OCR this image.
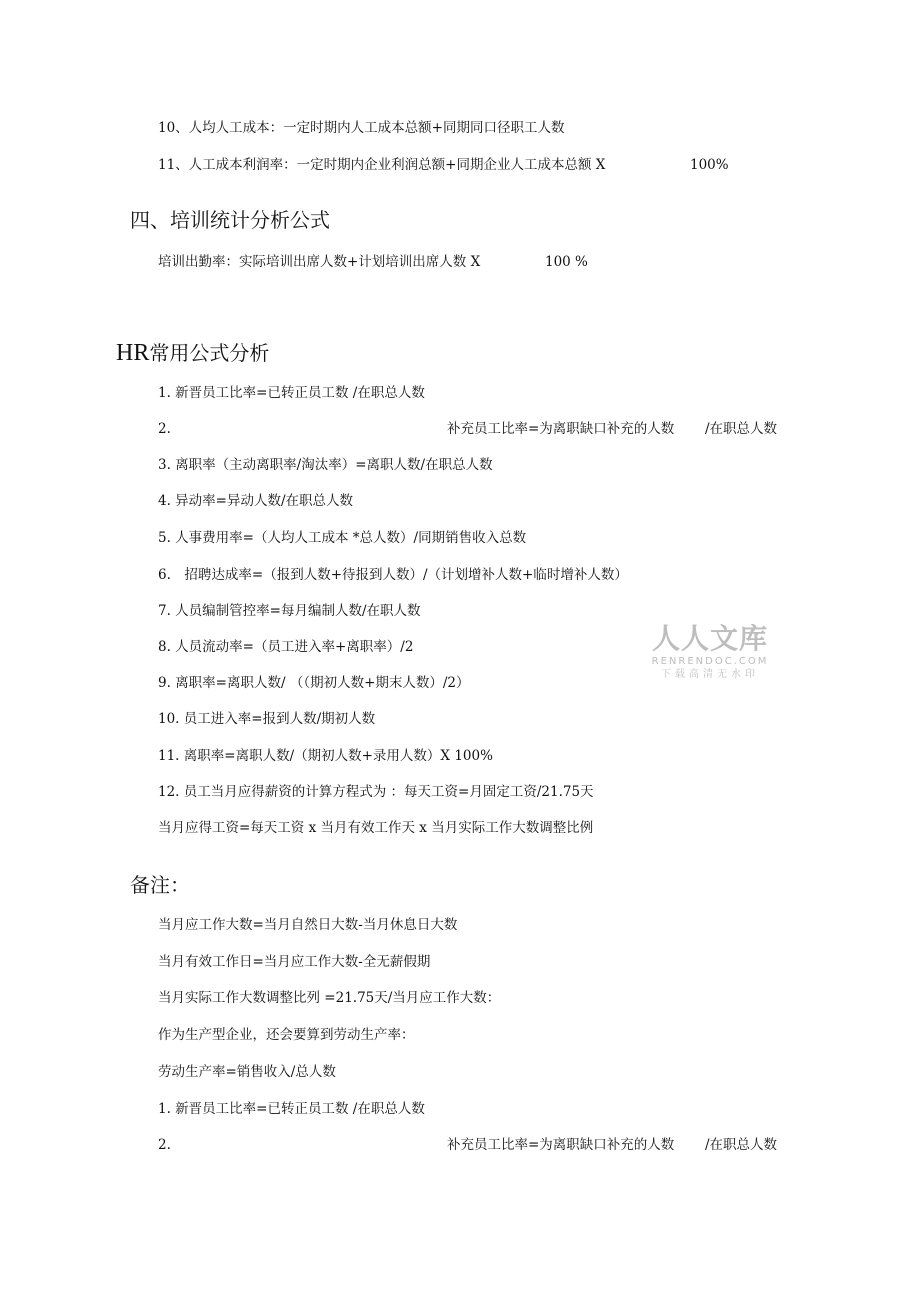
10、人均人工成本：一定时期内人工成本总额+同期同口径职工人数
11、人工成本利润率：一定时期内企业利润总额+同期企业人工成本总额 X	100%
四、培训统计分析公式
培训出勤率：实际培训出席人数+计划培训出席人数 X	100 %
HR常用公式分析
1. 新晋员工比率=已转正员工数 /在职总人数
2.	补充员工比率=为离职缺口补充的人数 /在职总人数
3. 离职率（主动离职率/淘汰率）=离职人数/在职总人数
4. 异动率=异动人数/在职总人数
5. 人事费用率=（人均人工成本 *总人数）/同期销售收入总数
6.　招聘达成率=（报到人数+待报到人数）/（计划增补人数+临时增补人数）
7. 人员编制管控率=每月编制人数/在职人数
8. 人员流动率=（员工进入率+离职率）/2
9. 离职率=离职人数/ （（期初人数+期末人数）/2）
10. 员工进入率=报到人数/期初人数
11. 离职率=离职人数/（期初人数+录用人数）X 100%
12. 员工当月应得薪资的计算方程式为 ：每天工资=月固定工资/21.75天
当月应得工资=每天工资 x 当月有效工作天 x 当月实际工作大数调整比例
备注：
当月应工作大数=当月自然日大数-当月休息日大数
当月有效工作日=当月应工作大数-全无薪假期
当月实际工作大数调整比列 =21.75天/当月应工作大数：
作为生产型企业，还会要算到劳动生产率：
劳动生产率=销售收入/总人数
1. 新晋员工比率=已转正员工数 /在职总人数
2.	补充员工比率=为离职缺口补充的人数 /在职总人数
人人文库
RENRENDOC.COM
下载高清无水印
